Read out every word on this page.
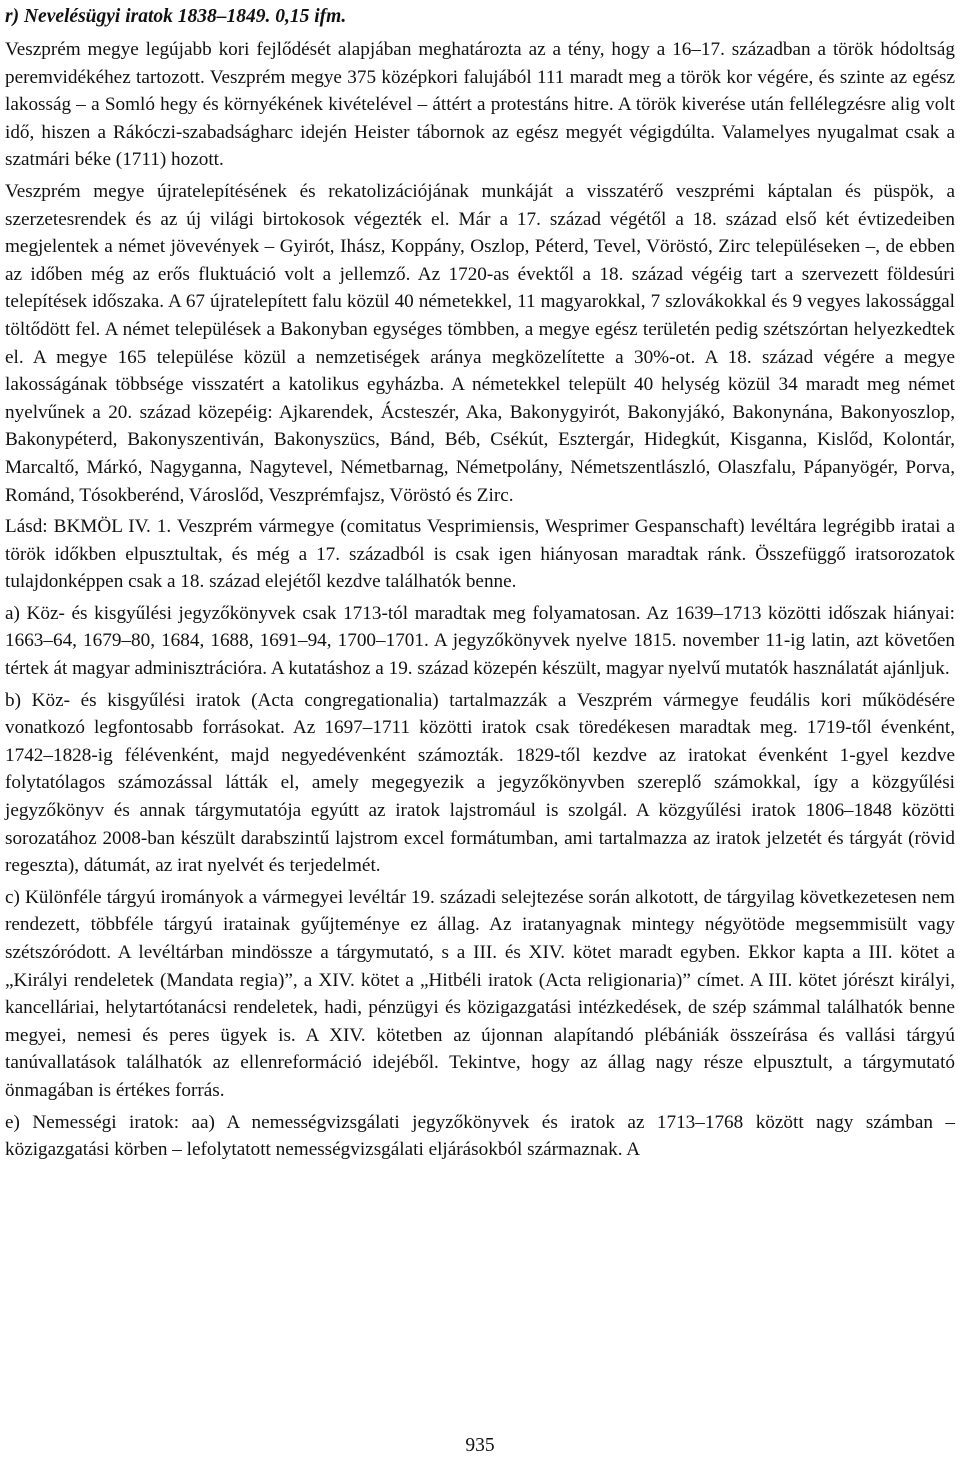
r) Nevelésügyi iratok 1838–1849. 0,15 ifm.

Veszprém megye legújabb kori fejlődését alapjában meghatározta az a tény, hogy a 16–17. században a török hódoltság peremvidékéhez tartozott. Veszprém megye 375 középkori falujából 111 maradt meg a török kor végére, és szinte az egész lakosság – a Somló hegy és környékének kivételével – áttért a protestáns hitre. A török kiverése után fellélegzésre alig volt idő, hiszen a Rákóczi-szabadságharc idején Heister tábornok az egész megyét végigdúlta. Valamelyes nyugalmat csak a szatmári béke (1711) hozott.

Veszprém megye újratelepítésének és rekatolizációjának munkáját a visszatérő veszprémi káptalan és püspök, a szerzetesrendek és az új világi birtokosok végezték el. Már a 17. század végétől a 18. század első két évtizedeiben megjelentek a német jövevények – Gyirót, Ihász, Koppány, Oszlop, Péterd, Tevel, Vöröstó, Zirc településeken –, de ebben az időben még az erős fluktuáció volt a jellemző. Az 1720-as évektől a 18. század végéig tart a szervezett földesúri telepítések időszaka. A 67 újratelepített falu közül 40 németekkel, 11 magyarokkal, 7 szlovákokkal és 9 vegyes lakossággal töltődött fel. A német települések a Bakonyban egységes tömbben, a megye egész területén pedig szétszórtan helyezkedtek el. A megye 165 települése közül a nemzetiségek aránya megközelítette a 30%-ot. A 18. század végére a megye lakosságának többsége visszatért a katolikus egyházba. A németekkel települt 40 helység közül 34 maradt meg német nyelvűnek a 20. század közepéig: Ajkarendek, Ácsteszér, Aka, Bakonygyirót, Bakonyjákó, Bakonynána, Bakonyoszlop, Bakonypéterd, Bakonyszentiván, Bakonyszücs, Bánd, Béb, Csékút, Esztergár, Hidegkút, Kisganna, Kislőd, Kolontár, Marcaltő, Márkó, Nagyganna, Nagytevel, Németbarnag, Németpolány, Németszentlászló, Olaszfalu, Pápanyögér, Porva, Románd, Tósokberénd, Városlőd, Veszprémfajsz, Vöröstó és Zirc.

Lásd: BKMÖL IV. 1. Veszprém vármegye (comitatus Vesprimiensis, Wesprimer Gespanschaft) levéltára legrégibb iratai a török időkben elpusztultak, és még a 17. századból is csak igen hiányosan maradtak ránk. Összefüggő iratsorozatok tulajdonképpen csak a 18. század elejétől kezdve találhatók benne.

a) Köz- és kisgyűlési jegyzőkönyvek csak 1713-tól maradtak meg folyamatosan. Az 1639–1713 közötti időszak hiányai: 1663–64, 1679–80, 1684, 1688, 1691–94, 1700–1701. A jegyzőkönyvek nyelve 1815. november 11-ig latin, azt követően tértek át magyar adminisztrációra. A kutatáshoz a 19. század közepén készült, magyar nyelvű mutatók használatát ajánljuk.

b) Köz- és kisgyűlési iratok (Acta congregationalia) tartalmazzák a Veszprém vármegye feudális kori működésére vonatkozó legfontosabb forrásokat. Az 1697–1711 közötti iratok csak töredékesen maradtak meg. 1719-től évenként, 1742–1828-ig félévenként, majd negyedévenként számozták. 1829-től kezdve az iratokat évenként 1-gyel kezdve folytatólagos számozással látták el, amely megegyezik a jegyzőkönyvben szereplő számokkal, így a közgyűlési jegyzőkönyv és annak tárgymutatója egyútt az iratok lajstromául is szolgál. A közgyűlési iratok 1806–1848 közötti sorozatához 2008-ban készült darabszintű lajstrom excel formátumban, ami tartalmazza az iratok jelzetét és tárgyát (rövid regeszta), dátumát, az irat nyelvét és terjedelmét.

c) Különféle tárgyú irományok a vármegyei levéltár 19. századi selejtezése során alkotott, de tárgyilag következetesen nem rendezett, többféle tárgyú iratainak gyűjteménye ez állag. Az iratanyagnak mintegy négyötöde megsemmisült vagy szétszóródott. A levéltárban mindössze a tárgymutató, s a III. és XIV. kötet maradt egyben. Ekkor kapta a III. kötet a „Királyi rendeletek (Mandata regia)”, a XIV. kötet a „Hitbéli iratok (Acta religionaria)” címet. A III. kötet jórészt királyi, kancelláriai, helytartótanácsi rendeletek, hadi, pénzügyi és közigazgatási intézkedések, de szép számmal találhatók benne megyei, nemesi és peres ügyek is. A XIV. kötetben az újonnan alapítandó plébániák összeírása és vallási tárgyú tanúvallatások találhatók az ellenreformáció idejéből. Tekintve, hogy az állag nagy része elpusztult, a tárgymutató önmagában is értékes forrás.

e) Nemességi iratok: aa) A nemességvizsgálati jegyzőkönyvek és iratok az 1713–1768 között nagy számban – közigazgatási körben – lefolytatott nemességvizsgálati eljárásokból származnak. A

935
